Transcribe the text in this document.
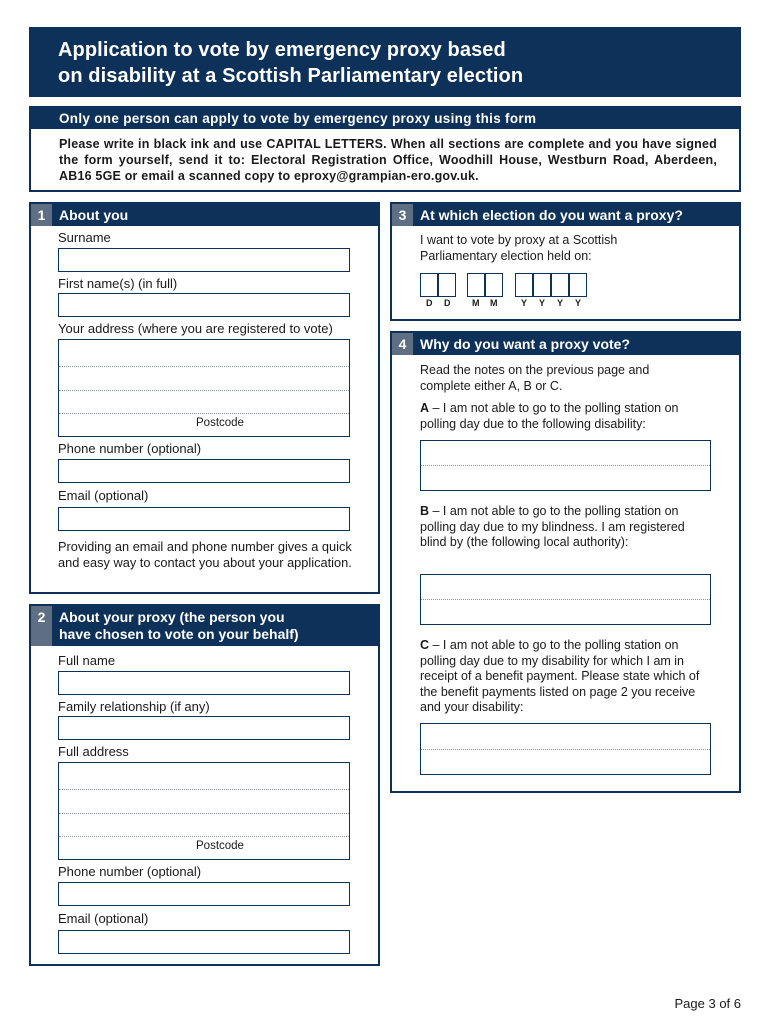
Application to vote by emergency proxy based
on disability at a Scottish Parliamentary election
Only one person can apply to vote by emergency proxy using this form
Please write in black ink and use CAPITAL LETTERS. When all sections are complete and you have signed the form yourself, send it to: Electoral Registration Office, Woodhill House, Westburn Road, Aberdeen, AB16 5GE or email a scanned copy to eproxy@grampian-ero.gov.uk.
1 About you
Surname
First name(s) (in full)
Your address (where you are registered to vote)
Postcode
Phone number (optional)
Email (optional)
Providing an email and phone number gives a quick and easy way to contact you about your application.
2 About your proxy (the person you
have chosen to vote on your behalf)
Full name
Family relationship (if any)
Full address
Postcode
Phone number (optional)
Email (optional)
3 At which election do you want a proxy?
I want to vote by proxy at a Scottish Parliamentary election held on:
D D M M	Y Y Y Y
4 Why do you want a proxy vote?
Read the notes on the previous page and complete either A, B or C.
A – I am not able to go to the polling station on polling day due to the following disability:
B – I am not able to go to the polling station on polling day due to my blindness. I am registered blind by (the following local authority):
C – I am not able to go to the polling station on polling day due to my disability for which I am in receipt of a benefit payment. Please state which of the benefit payments listed on page 2 you receive and your disability:
Page 3 of 6
